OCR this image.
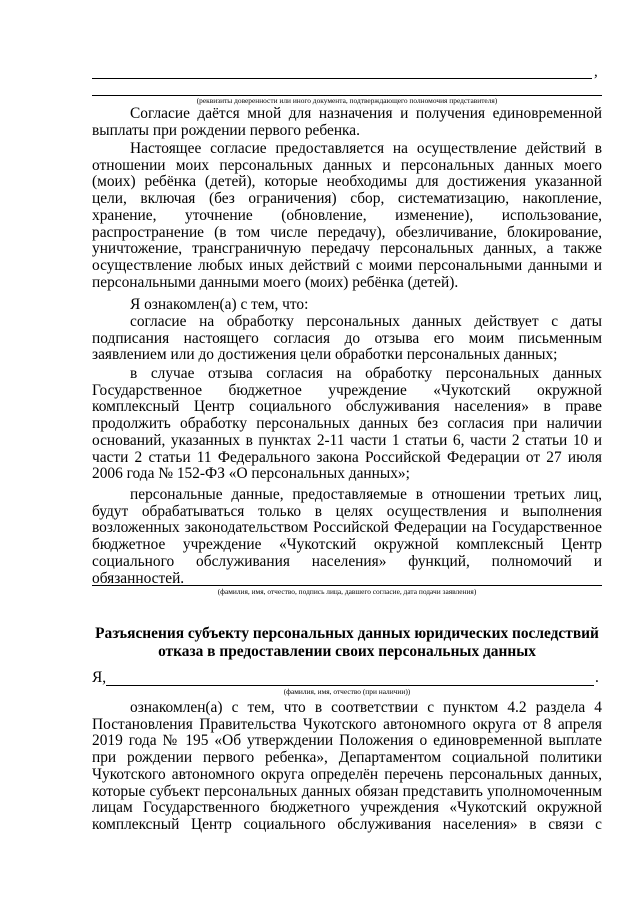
,
(реквизиты доверенности или иного документа, подтверждающего полномочия представителя)

Согласие даётся мной для назначения и получения единовременной выплаты при рождении первого ребенка.

Настоящее согласие предоставляется на осуществление действий в отношении моих персональных данных и персональных данных моего (моих) ребёнка (детей), которые необходимы для достижения указанной цели, включая (без ограничения) сбор, систематизацию, накопление, хранение, уточнение (обновление, изменение), использование, распространение (в том числе передачу), обезличивание, блокирование, уничтожение, трансграничную передачу персональных данных, а также осуществление любых иных действий с моими персональными данными и персональными данными моего (моих) ребёнка (детей).

Я ознакомлен(а) с тем, что:

согласие на обработку персональных данных действует с даты подписания настоящего согласия до отзыва его моим письменным заявлением или до достижения цели обработки персональных данных;

в случае отзыва согласия на обработку персональных данных Государственное бюджетное учреждение «Чукотский окружной комплексный Центр социального обслуживания населения» в праве продолжить обработку персональных данных без согласия при наличии оснований, указанных в пунктах 2-11 части 1 статьи 6, части 2 статьи 10 и части 2 статьи 11 Федерального закона Российской Федерации от 27 июля 2006 года № 152-ФЗ «О персональных данных»;

персональные данные, предоставляемые в отношении третьих лиц, будут обрабатываться только в целях осуществления и выполнения возложенных законодательством Российской Федерации на Государственное бюджетное учреждение «Чукотский окружной комплексный Центр социального обслуживания населения» функций, полномочий и обязанностей.

(фамилия, имя, отчество, подпись лица, давшего согласие, дата подачи заявления)

Разъяснения субъекту персональных данных юридических последствий отказа в предоставлении своих персональных данных

Я,	.
(фамилия, имя, отчество (при наличии))

ознакомлен(а) с тем, что в соответствии с пунктом 4.2 раздела 4 Постановления Правительства Чукотского автономного округа от 8 апреля 2019 года № 195 «Об утверждении Положения о единовременной выплате при рождении первого ребенка», Департаментом социальной политики Чукотского автономного округа определён перечень персональных данных, которые субъект персональных данных обязан представить уполномоченным лицам Государственного бюджетного учреждения «Чукотский окружной комплексный Центр социального обслуживания населения» в связи с
